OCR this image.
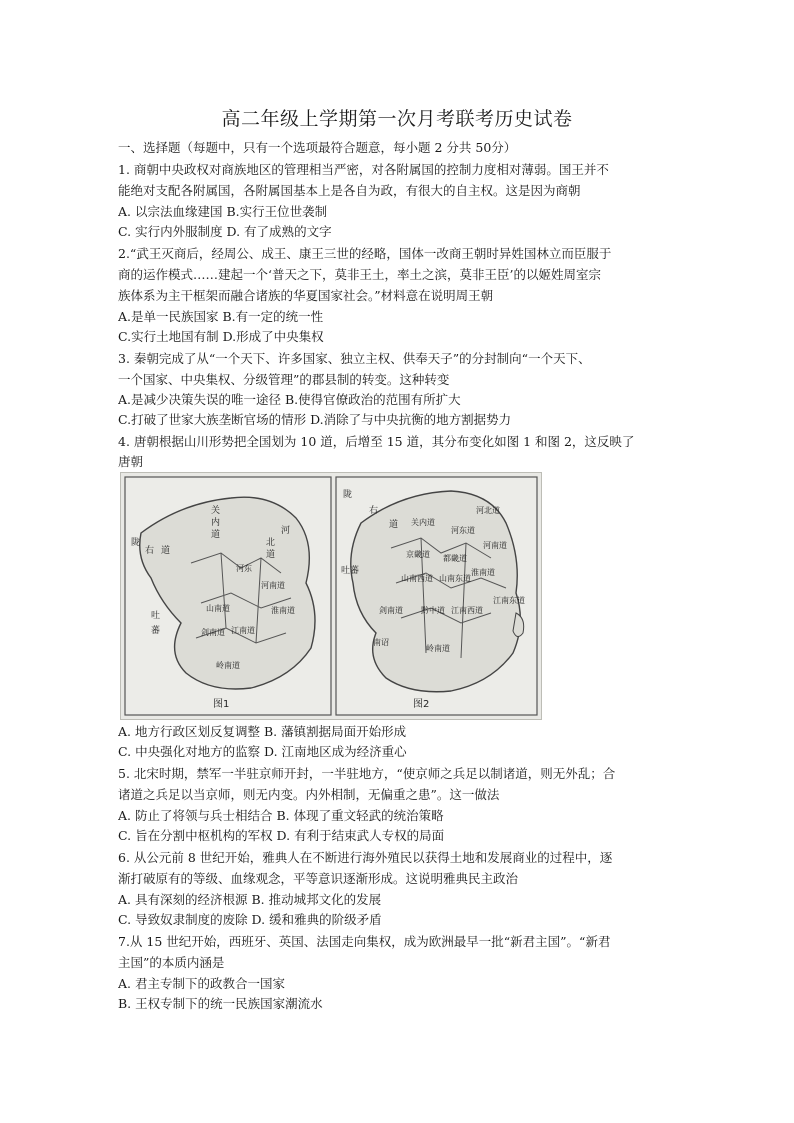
高二年级上学期第一次月考联考历史试卷
一、选择题（每题中，只有一个选项最符合题意，每小题 2 分共 50分）
1. 商朝中央政权对商族地区的管理相当严密，对各附属国的控制力度相对薄弱。国王并不
能绝对支配各附属国，各附属国基本上是各自为政，有很大的自主权。这是因为商朝
A. 以宗法血缘建国 B.实行王位世袭制
C. 实行内外服制度 D. 有了成熟的文字
2.“武王灭商后，经周公、成王、康王三世的经略，国体一改商王朝时异姓国林立而臣服于
商的运作模式……建起一个‘普天之下，莫非王土，率土之滨，莫非王臣’的以姬姓周室宗
族体系为主干框架而融合诸族的华夏国家社会。”材料意在说明周王朝
A.是单一民族国家 B.有一定的统一性
C.实行土地国有制 D.形成了中央集权
3. 秦朝完成了从“一个天下、许多国家、独立主权、供奉天子”的分封制向“一个天下、
一个国家、中央集权、分级管理”的郡县制的转变。这种转变
A.是减少决策失误的唯一途径 B.使得官僚政治的范围有所扩大
C.打破了世家大族垄断官场的情形 D.消除了与中央抗衡的地方割据势力
4. 唐朝根据山川形势把全国划为 10 道，后增至 15 道，其分布变化如图 1 和图 2，这反映了
唐朝
陇
右 道
关
内
道	河
北
道
河东
河南道
淮南道
山南道
江南道
剑南道
岭南道
吐
蕃
图1
陇
右
道 关内道
京畿道 都畿道
河东道
河北道
河南道
山南东道
山南西道
淮南道
江南东道
剑南道 黔中道 江南西道
岭南道
吐蕃
南诏
图2
A. 地方行政区划反复调整 B. 藩镇割据局面开始形成
C. 中央强化对地方的监察 D. 江南地区成为经济重心
5. 北宋时期，禁军一半驻京师开封，一半驻地方，“使京师之兵足以制诸道，则无外乱；合
诸道之兵足以当京师，则无内变。内外相制，无偏重之患”。这一做法
A. 防止了将领与兵士相结合 B. 体现了重文轻武的统治策略
C. 旨在分割中枢机构的军权 D. 有利于结束武人专权的局面
6. 从公元前 8 世纪开始，雅典人在不断进行海外殖民以获得土地和发展商业的过程中，逐
渐打破原有的等级、血缘观念，平等意识逐渐形成。这说明雅典民主政治
A. 具有深刻的经济根源 B. 推动城邦文化的发展
C. 导致奴隶制度的废除 D. 缓和雅典的阶级矛盾
7.从 15 世纪开始，西班牙、英国、法国走向集权，成为欧洲最早一批“新君主国”。“新君
主国”的本质内涵是
A. 君主专制下的政教合一国家
B. 王权专制下的统一民族国家潮流水
